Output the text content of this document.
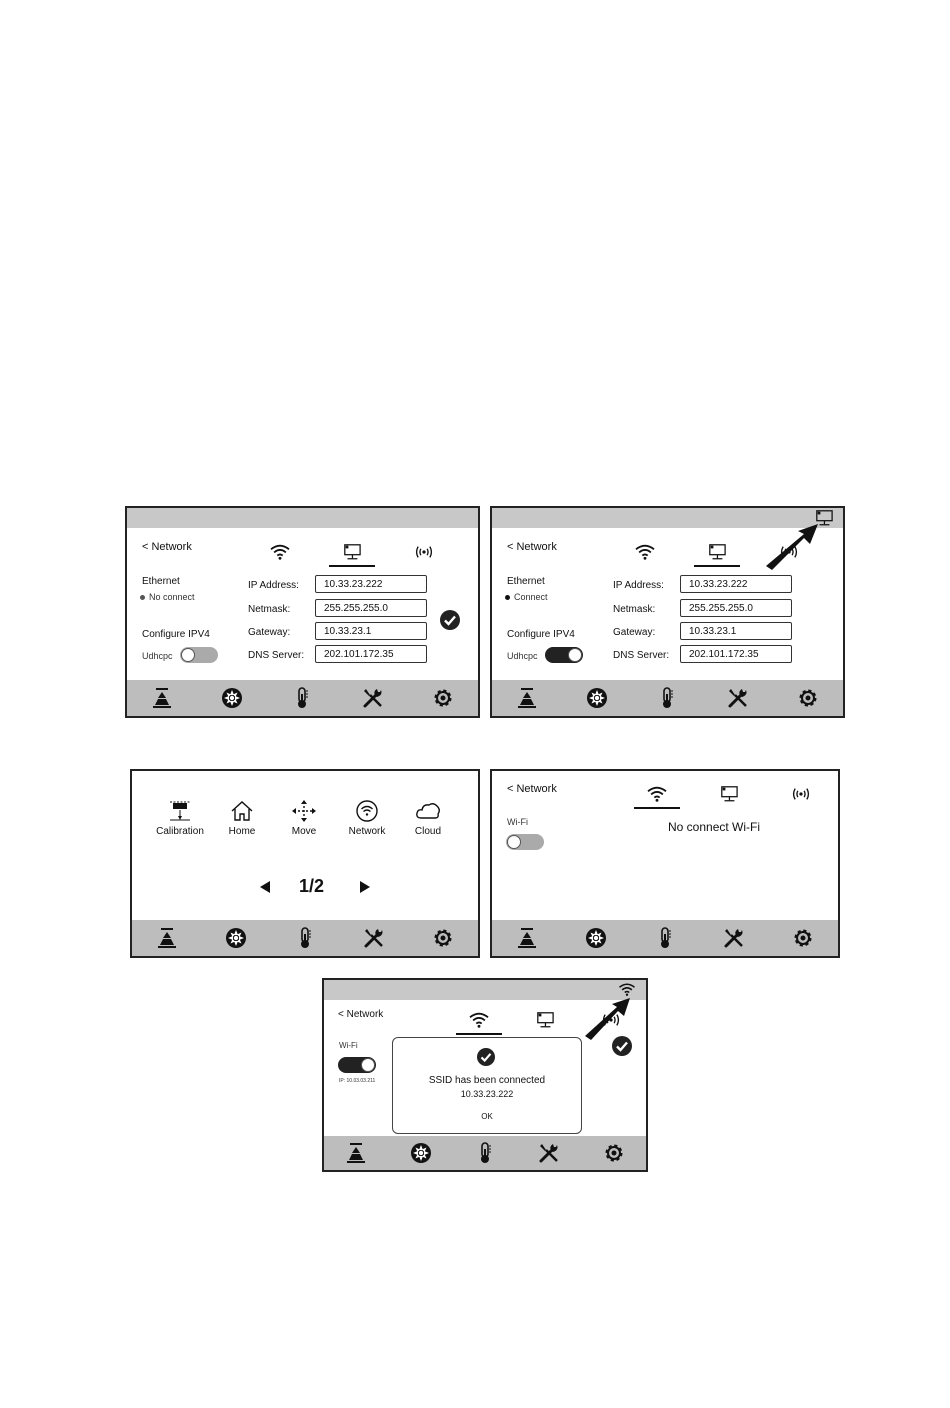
< Network
Ethernet
No connect
Configure IPV4
Udhcpc
IP Address:	10.33.23.222
Netmask:	255.255.255.0
Gateway:	10.33.23.1
DNS Server:	202.101.172.35
< Network
Ethernet
Connect
Configure IPV4
Udhcpc
IP Address:	10.33.23.222
Netmask:	255.255.255.0
Gateway:	10.33.23.1
DNS Server:	202.101.172.35
Calibration	Home	Move	Network	Cloud
1/2
< Network
Wi-Fi	No connect Wi-Fi
< Network
Wi-Fi
IP: 10.03.03.211	SSID has been connected
10.33.23.222
OK
